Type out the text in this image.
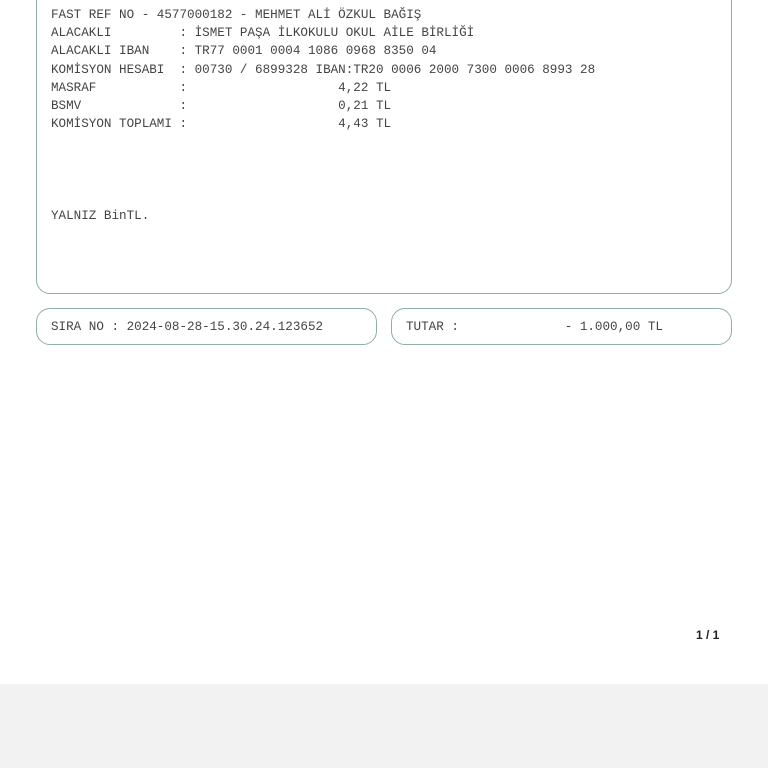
FAST REF NO - 4577000182 - MEHMET ALİ ÖZKUL BAĞIŞ
ALACAKLI         : İSMET PAŞA İLKOKULU OKUL AİLE BİRLİĞİ
ALACAKLI IBAN    : TR77 0001 0004 1086 0968 8350 04
KOMİSYON HESABI  : 00730 / 6899328 IBAN:TR20 0006 2000 7300 0006 8993 28
MASRAF           :                    4,22 TL
BSMV             :                    0,21 TL
KOMİSYON TOPLAMI :                    4,43 TL
YALNIZ BinTL.
SIRA NO : 2024-08-28-15.30.24.123652	TUTAR :              - 1.000,00 TL
1 / 1
